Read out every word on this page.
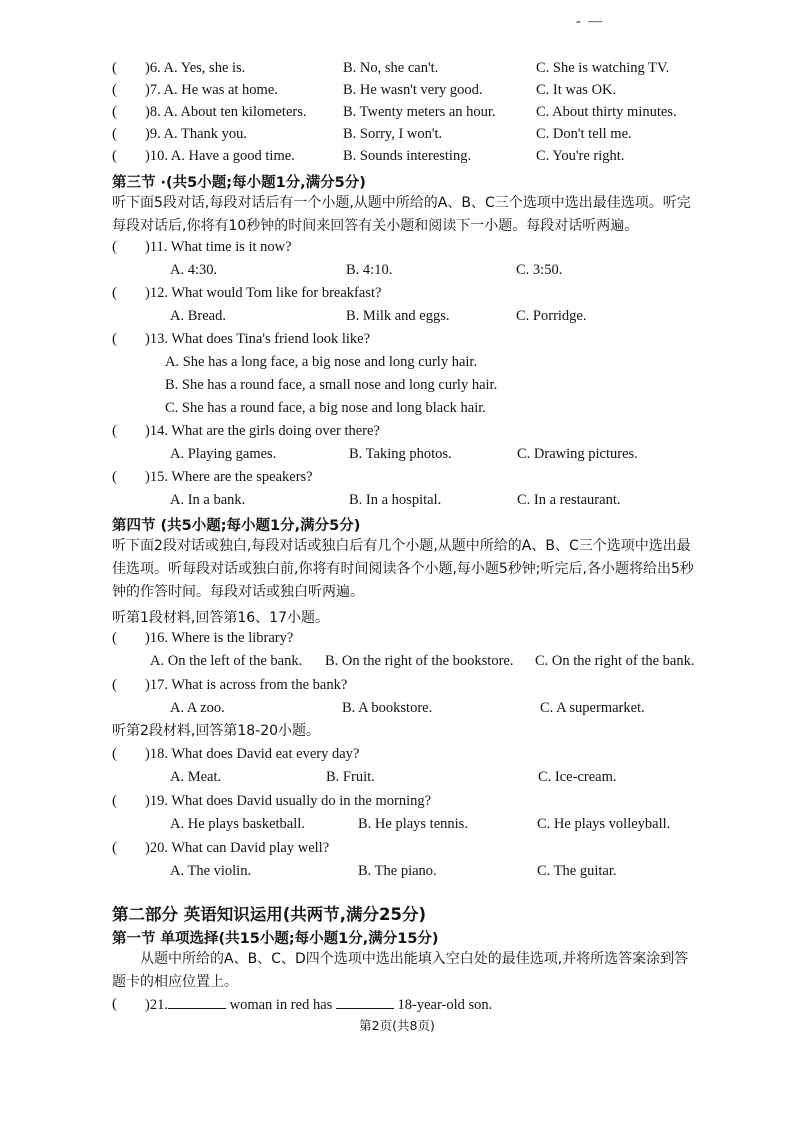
- —
( )6. A. Yes, she is.	B. No, she can't.	C. She is watching TV.
( )7. A. He was at home.	B. He wasn't very good.	C. It was OK.
( )8. A. About ten kilometers.	B. Twenty meters an hour.	C. About thirty minutes.
( )9. A. Thank you.	B. Sorry, I won't.	C. Don't tell me.
( )10. A. Have a good time.	B. Sounds interesting.	C. You're right.
第三节 ·(共5小题;每小题1分,满分5分)
听下面5段对话,每段对话后有一个小题,从题中所给的A、B、C三个选项中选出最佳选项。听完每段对话后,你将有10秒钟的时间来回答有关小题和阅读下一小题。每段对话听两遍。
( )11. What time is it now?
A. 4:30.	B. 4:10.	C. 3:50.
( )12. What would Tom like for breakfast?
A. Bread.	B. Milk and eggs.	C. Porridge.
( )13. What does Tina's friend look like?
A. She has a long face, a big nose and long curly hair.
B. She has a round face, a small nose and long curly hair.
C. She has a round face, a big nose and long black hair.
( )14. What are the girls doing over there?
A. Playing games.	B. Taking photos.	C. Drawing pictures.
( )15. Where are the speakers?
A. In a bank.	B. In a hospital.	C. In a restaurant.
第四节 (共5小题;每小题1分,满分5分)
听下面2段对话或独白,每段对话或独白后有几个小题,从题中所给的A、B、C三个选项中选出最佳选项。听每段对话或独白前,你将有时间阅读各个小题,每小题5秒钟;听完后,各小题将给出5秒钟的作答时间。每段对话或独白听两遍。
听第1段材料,回答第16、17小题。
( )16. Where is the library?
A. On the left of the bank. B. On the right of the bookstore. C. On the right of the bank.
( )17. What is across from the bank?
A. A zoo.	B. A bookstore.	C. A supermarket.
听第2段材料,回答第18-20小题。
( )18. What does David eat every day?
A. Meat.	B. Fruit.	C. Ice-cream.
( )19. What does David usually do in the morning?
A. He plays basketball.	B. He plays tennis.	C. He plays volleyball.
( )20. What can David play well?
A. The violin.	B. The piano.	C. The guitar.
第二部分 英语知识运用(共两节,满分25分)
第一节 单项选择(共15小题;每小题1分,满分15分)
从题中所给的A、B、C、D四个选项中选出能填入空白处的最佳选项,并将所选答案涂到答题卡的相应位置上。
( )21.	woman in red has	18-year-old son.
第2页(共8页)
